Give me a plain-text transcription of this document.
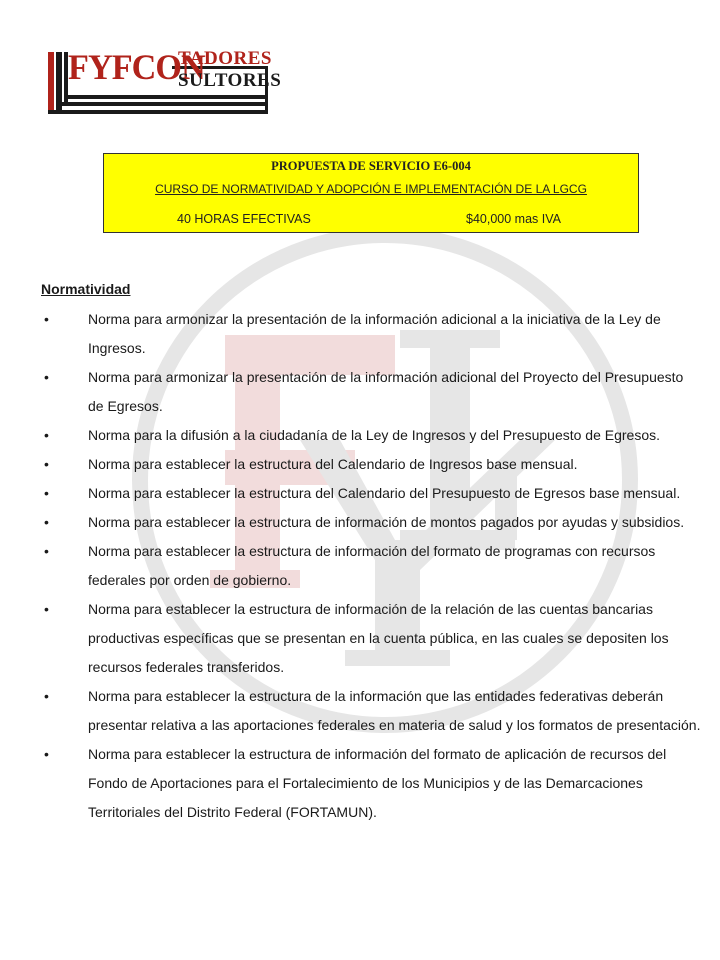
FYFCON
TADORES
SULTORES
PROPUESTA DE SERVICIO E6-004
CURSO DE NORMATIVIDAD Y ADOPCIÓN E IMPLEMENTACIÓN DE LA LGCG
40 HORAS EFECTIVAS	$40,000 mas IVA
Normatividad
•	Norma para armonizar la presentación de la información adicional a la iniciativa de la Ley de Ingresos.
•	Norma para armonizar la presentación de la información adicional del Proyecto del Presupuesto de Egresos.
•	Norma para la difusión a la ciudadanía de la Ley de Ingresos y del Presupuesto de Egresos.
•	Norma para establecer la estructura del Calendario de Ingresos base mensual.
•	Norma para establecer la estructura del Calendario del Presupuesto de Egresos base mensual.
•	Norma para establecer la estructura de información de montos pagados por ayudas y subsidios.
•	Norma para establecer la estructura de información del formato de programas con recursos federales por orden de gobierno.
•	Norma para establecer la estructura de información de la relación de las cuentas bancarias productivas específicas que se presentan en la cuenta pública, en las cuales se depositen los recursos federales transferidos.
•	Norma para establecer la estructura de la información que las entidades federativas deberán presentar relativa a las aportaciones federales en materia de salud y los formatos de presentación.
•	Norma para establecer la estructura de información del formato de aplicación de recursos del Fondo de Aportaciones para el Fortalecimiento de los Municipios y de las Demarcaciones Territoriales del Distrito Federal (FORTAMUN).
